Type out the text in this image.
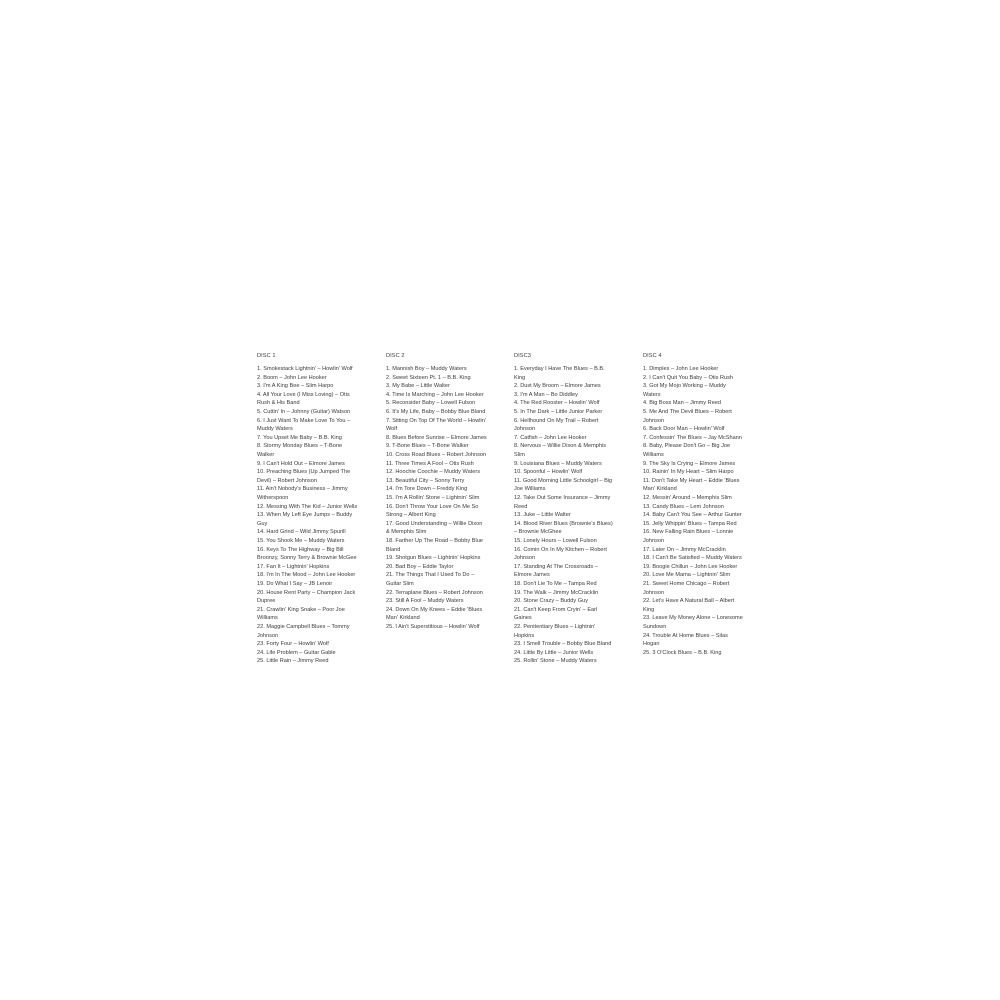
DISC 1
1. Smokestack Lightnin' – Howlin' Wolf
2. Boom – John Lee Hooker
3. I'm A King Bee – Slim Harpo
4. All Your Love (I Miss Loving) – Otis Rush & His Band
5. Cuttin' In – Johnny (Guitar) Watson
6. I Just Want To Make Love To You – Muddy Waters
7. You Upset Me Baby – B.B. King
8. Stormy Monday Blues – T-Bone Walker
9. I Can't Hold Out – Elmore James
10. Preaching Blues (Up Jumped The Devil) – Robert Johnson
11. Ain't Nobody's Business – Jimmy Witherspoon
12. Messing With The Kid – Junior Wells
13. When My Left Eye Jumps – Buddy Guy
14. Hard Grind – Wild Jimmy Spurill
15. You Shook Me – Muddy Waters
16. Keys To The Highway – Big Bill Broonzy, Sonny Terry & Brownie McGee
17. Fan It – Lightnin' Hopkins
18. I'm In The Mood – John Lee Hooker
19. Do What I Say – JB Lenoir
20. House Rent Party – Champion Jack Dupree
21. Crawlin' King Snake – Poor Joe Williams
22. Maggie Campbell Blues – Tommy Johnson
23. Forty Four – Howlin' Wolf
24. Life Problem – Guitar Gable
25. Little Rain – Jimmy Reed
DISC 2
1. Mannish Boy – Muddy Waters
2. Sweet Sixteen Pt. 1 – B.B. King
3. My Babe – Little Walter
4. Time Is Marching – John Lee Hooker
5. Reconsider Baby – Lowell Fulson
6. It's My Life, Baby – Bobby Blue Bland
7. Sitting On Top Of The World – Howlin' Wolf
8. Blues Before Sunrise – Elmore James
9. T-Bone Blues – T-Bone Walker
10. Cross Road Blues – Robert Johnson
11. Three Times A Fool – Otis Rush
12. Hoochie Coochie – Muddy Waters
13. Beautiful City – Sonny Terry
14. I'm Tore Down – Freddy King
15. I'm A Rollin' Stone – Lightnin' Slim
16. Don't Throw Your Love On Me So Strong – Albert King
17. Good Understanding – Willie Dixon & Memphis Slim
18. Farther Up The Road – Bobby Blue Bland
19. Shotgun Blues – Lightnin' Hopkins
20. Bad Boy – Eddie Taylor
21. The Things That I Used To Do – Guitar Slim
22. Terraplane Blues – Robert Johnson
23. Still A Fool – Muddy Waters
24. Down On My Knees – Eddie 'Blues Man' Kirkland
25. I Ain't Superstitious – Howlin' Wolf
DISC3
1. Everyday I Have The Blues – B.B. King
2. Dust My Broom – Elmore James
3. I'm A Man – Bo Diddley
4. The Red Rooster – Howlin' Wolf
5. In The Dark – Little Junior Parker
6. Hellhound On My Trail – Robert Johnson
7. Catfish – John Lee Hooker
8. Nervous – Willie Dixon & Memphis Slim
9. Louisiana Blues – Muddy Waters
10. Spoonful – Howlin' Wolf
11. Good Morning Little Schoolgirl – Big Joe Williams
12. Take Out Some Insurance – Jimmy Reed
13. Juke – Little Walter
14. Blood River Blues (Brownie's Blues) – Brownie McGhee
15. Lonely Hours – Lowell Fulson
16. Comin On In My Kitchen – Robert Johnson
17. Standing At The Crossroads – Elmore James
18. Don't Lie To Me – Tampa Red
19. The Walk – Jimmy McCracklin
20. Stone Crazy – Buddy Guy
21. Can't Keep From Cryin' – Earl Gaines
22. Penitentiary Blues – Lightnin' Hopkins
23. I Smell Trouble – Bobby Blue Bland
24. Little By Little – Junior Wells
25. Rollin' Stone – Muddy Waters
DISC 4
1. Dimples – John Lee Hooker
2. I Can't Quit You Baby – Otis Rush
3. Got My Mojo Working – Muddy Waters
4. Big Boss Man – Jimmy Reed
5. Me And The Devil Blues – Robert Johnson
6. Back Door Man – Howlin' Wolf
7. Confessin' The Blues – Jay McShann
8. Baby, Please Don't Go – Big Joe Williams
9. The Sky Is Crying – Elmore James
10. Rainin' In My Heart – Slim Harpo
11. Don't Take My Heart – Eddie 'Blues Man' Kirkland
12. Messin' Around – Memphis Slim
13. Candy Blues – Lem Johnson
14. Baby Can't You See – Arthur Gunter
15. Jelly Whippin' Blues – Tampa Red
16. New Falling Rain Blues – Lonnie Johnson
17. Later On – Jimmy McCracklin
18. I Can't Be Satisfied – Muddy Waters
19. Boogie Chillun – John Lee Hooker
20. Love Me Mama – Lightnin' Slim
21. Sweet Home Chicago – Robert Johnson
22. Let's Have A Natural Ball – Albert King
23. Leave My Money Alone – Lonesome Sundown
24. Trouble At Home Blues – Silas Hogan
25. 3 O'Clock Blues – B.B. King
